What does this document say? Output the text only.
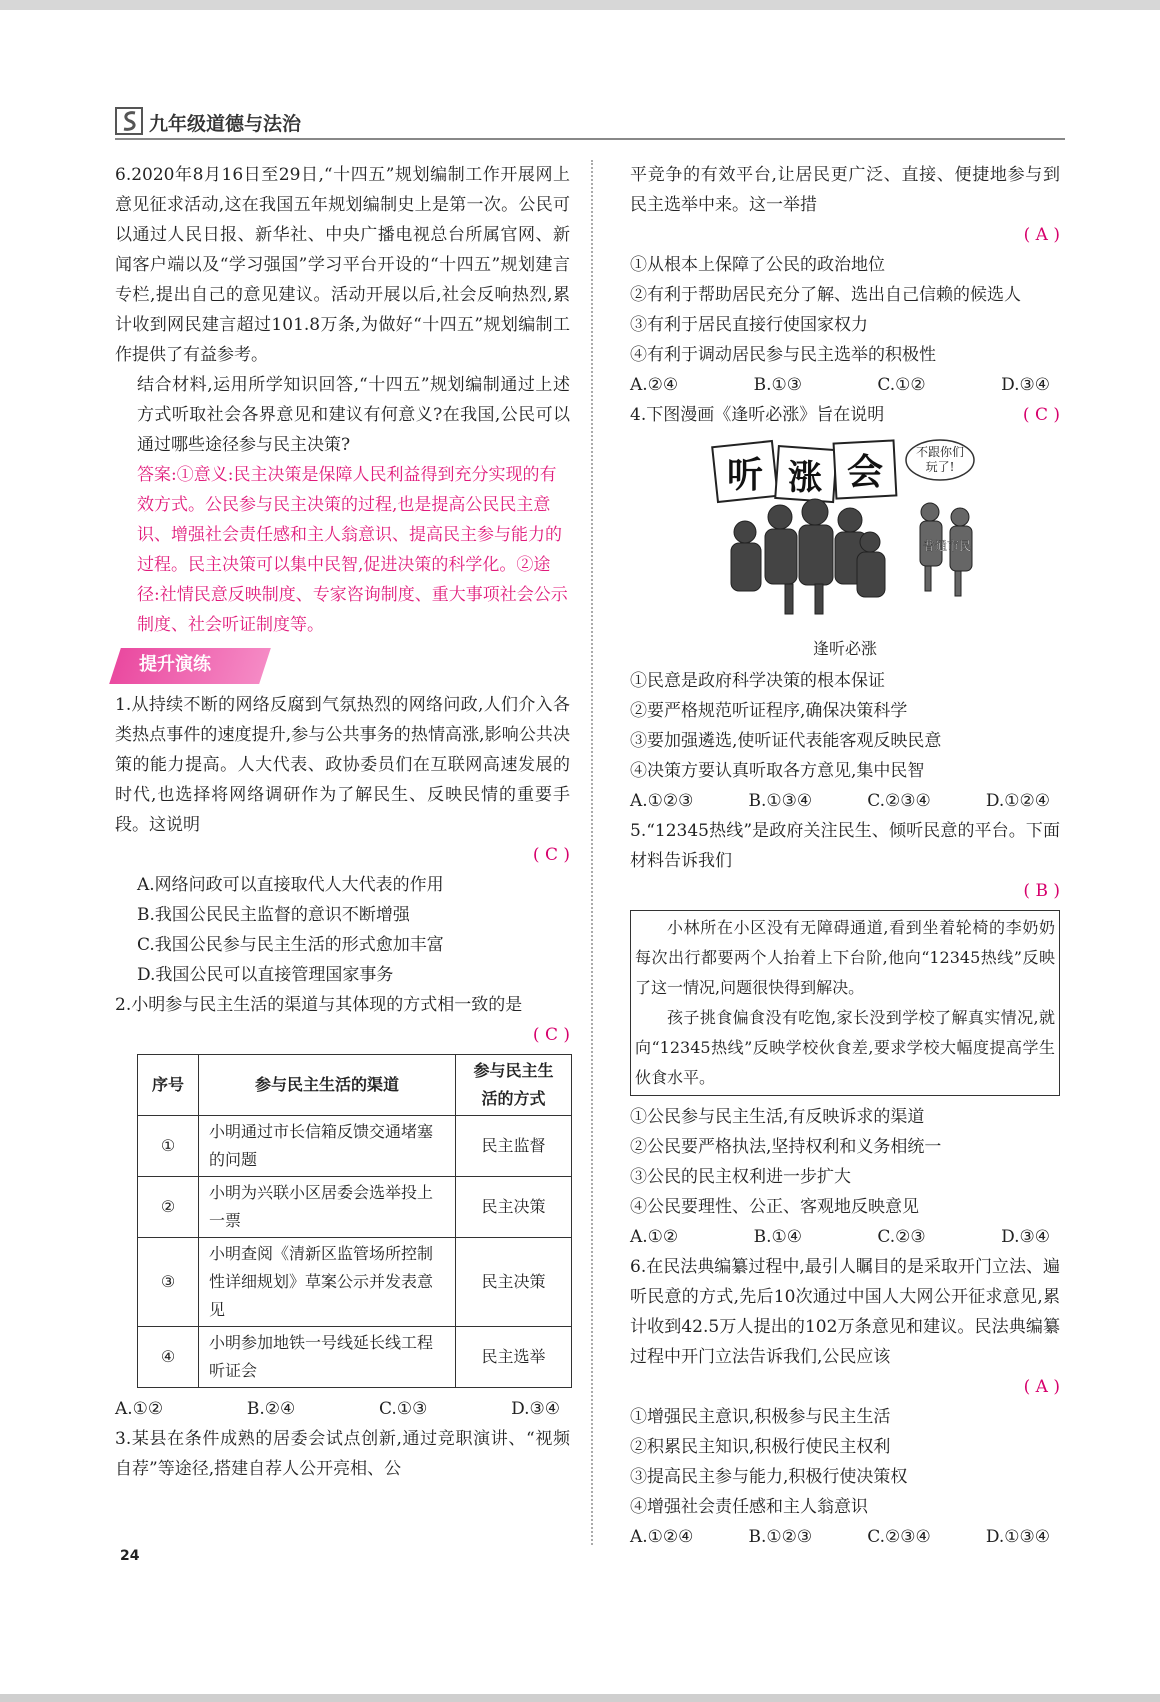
九年级道德与法治

6.2020年8月16日至29日,“十四五”规划编制工作开展网上意见征求活动,这在我国五年规划编制史上是第一次。公民可以通过人民日报、新华社、中央广播电视总台所属官网、新闻客户端以及“学习强国”学习平台开设的“十四五”规划建言专栏,提出自己的意见建议。活动开展以后,社会反响热烈,累计收到网民建言超过101.8万条,为做好“十四五”规划编制工作提供了有益参考。

结合材料,运用所学知识回答,“十四五”规划编制通过上述方式听取社会各界意见和建议有何意义?在我国,公民可以通过哪些途径参与民主决策?

答案:①意义:民主决策是保障人民利益得到充分实现的有效方式。公民参与民主决策的过程,也是提高公民民主意识、增强社会责任感和主人翁意识、提高民主参与能力的过程。民主决策可以集中民智,促进决策的科学化。②途径:社情民意反映制度、专家咨询制度、重大事项社会公示制度、社会听证制度等。

提升演练

1.从持续不断的网络反腐到气氛热烈的网络问政,人们介入各类热点事件的速度提升,参与公共事务的热情高涨,影响公共决策的能力提高。人大代表、政协委员们在互联网高速发展的时代,也选择将网络调研作为了解民生、反映民情的重要手段。这说明

( C )
A.网络问政可以直接取代人大代表的作用
B.我国公民民主监督的意识不断增强
C.我国公民参与民主生活的形式愈加丰富
D.我国公民可以直接管理国家事务

2.小明参与民主生活的渠道与其体现的方式相一致的是

( C )
序号	参与民主生活的渠道	参与民主生活的方式
①	小明通过市长信箱反馈交通堵塞的问题	民主监督
②	小明为兴联小区居委会选举投上一票	民主决策
③	小明查阅《清新区监管场所控制性详细规划》草案公示并发表意见	民主决策
④	小明参加地铁一号线延长线工程听证会	民主选举
A.①②	B.②④	C.①③	D.③④

3.某县在条件成熟的居委会试点创新,通过竞职演讲、“视频自荐”等途径,搭建自荐人公开亮相、公

平竞争的有效平台,让居民更广泛、直接、便捷地参与到民主选举中来。这一举措

( A )
①从根本上保障了公民的政治地位
②有利于帮助居民充分了解、选出自己信赖的候选人
③有利于居民直接行使国家权力
④有利于调动居民参与民主选举的积极性
A.②④	B.①③	C.①②	D.③④
4.下图漫画《逢听必涨》旨在说明	( C )
听 涨 会	不跟你们
玩了!
普通市民
逢听必涨
①民意是政府科学决策的根本保证
②要严格规范听证程序,确保决策科学
③要加强遴选,使听证代表能客观反映民意
④决策方要认真听取各方意见,集中民智
A.①②③	B.①③④	C.②③④	D.①②④

5.“12345热线”是政府关注民生、倾听民意的平台。下面材料告诉我们

( B )

小林所在小区没有无障碍通道,看到坐着轮椅的李奶奶每次出行都要两个人抬着上下台阶,他向“12345热线”反映了这一情况,问题很快得到解决。

孩子挑食偏食没有吃饱,家长没到学校了解真实情况,就向“12345热线”反映学校伙食差,要求学校大幅度提高学生伙食水平。

①公民参与民主生活,有反映诉求的渠道
②公民要严格执法,坚持权利和义务相统一
③公民的民主权利进一步扩大
④公民要理性、公正、客观地反映意见
A.①②	B.①④	C.②③	D.③④

6.在民法典编纂过程中,最引人瞩目的是采取开门立法、遍听民意的方式,先后10次通过中国人大网公开征求意见,累计收到42.5万人提出的102万条意见和建议。民法典编纂过程中开门立法告诉我们,公民应该

( A )
①增强民主意识,积极参与民主生活
②积累民主知识,积极行使民主权利
③提高民主参与能力,积极行使决策权
④增强社会责任感和主人翁意识
A.①②④	B.①②③	C.②③④	D.①③④
24
